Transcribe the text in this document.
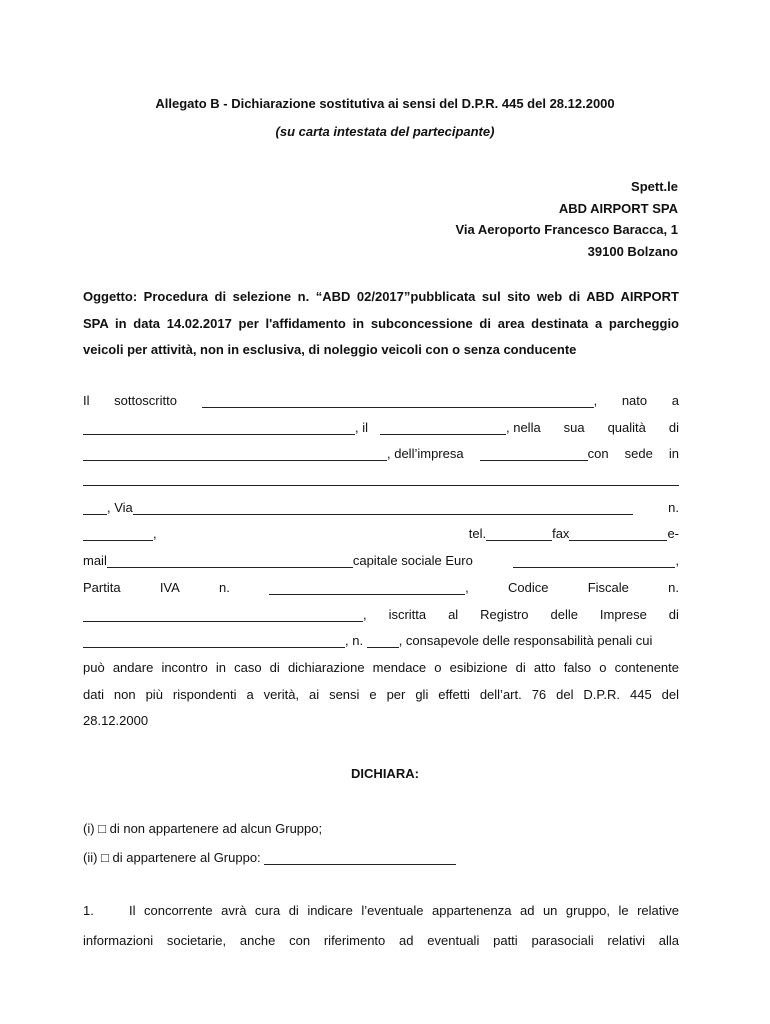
Allegato B - Dichiarazione sostitutiva ai sensi del D.P.R. 445 del 28.12.2000
(su carta intestata del partecipante)
Spett.le
ABD AIRPORT SPA
Via Aeroporto Francesco Baracca, 1
39100 Bolzano
Oggetto: Procedura di selezione n. “ABD 02/2017”pubblicata sul sito web di ABD AIRPORT
SPA in data 14.02.2017 per l'affidamento in subconcessione di area destinata a parcheggio
veicoli per attività, non in esclusiva, di noleggio veicoli con o senza conducente
Il sottoscritto	, nato a
, il	, nella sua qualità di
, dell’impresa	con sede in
, Via	n.
,	tel.	fax	e-
mail	capitale sociale Euro	,
Partita	IVA	n.	,	Codice	Fiscale	n.
, iscritta al Registro delle Imprese di
, n. , consapevole delle responsabilità penali cui
può andare incontro in caso di dichiarazione mendace o esibizione di atto falso o contenente
dati non più rispondenti a verità, ai sensi e per gli effetti dell’art. 76 del D.P.R. 445 del
28.12.2000
DICHIARA:
(i) □ di non appartenere ad alcun Gruppo;
(ii) □ di appartenere al Gruppo:
1.	Il concorrente avrà cura di indicare l’eventuale appartenenza ad un gruppo, le relative
informazioni societarie, anche con riferimento ad eventuali patti parasociali relativi alla
